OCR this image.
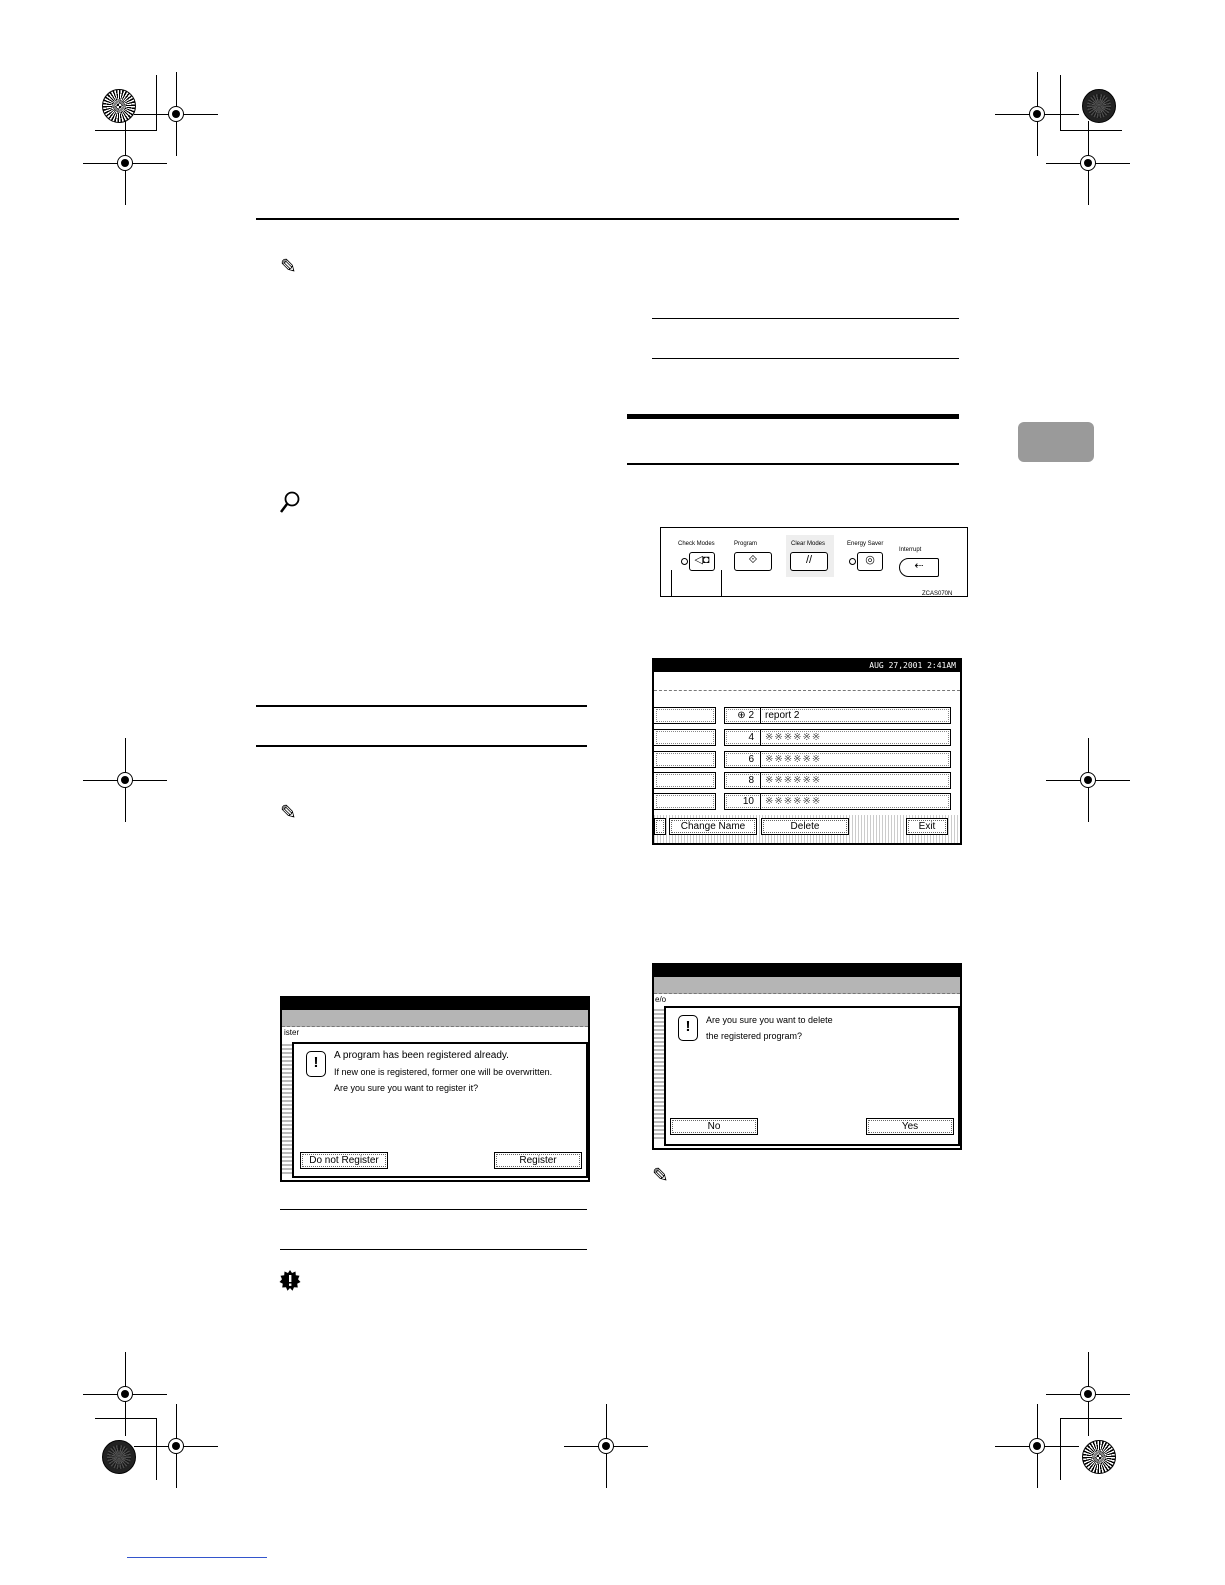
✎
✎
ister
!	A program has been registered already.
If new one is registered, former one will be overwritten.
Are you sure you want to register it?
Do not Register	Register
Check Modes
◁◘
Program
⟐
Clear Modes
//
Energy Saver
◎
Interrupt
⇠
ZCAS070N
AUG 27,2001 2:41AM
⊕ 2	report 2
4	※※※※※※
6	※※※※※※
8	※※※※※※
10	※※※※※※
Change Name	Delete	Exit
e/o
!	Are you sure you want to delete
the registered program?
No	Yes
✎
